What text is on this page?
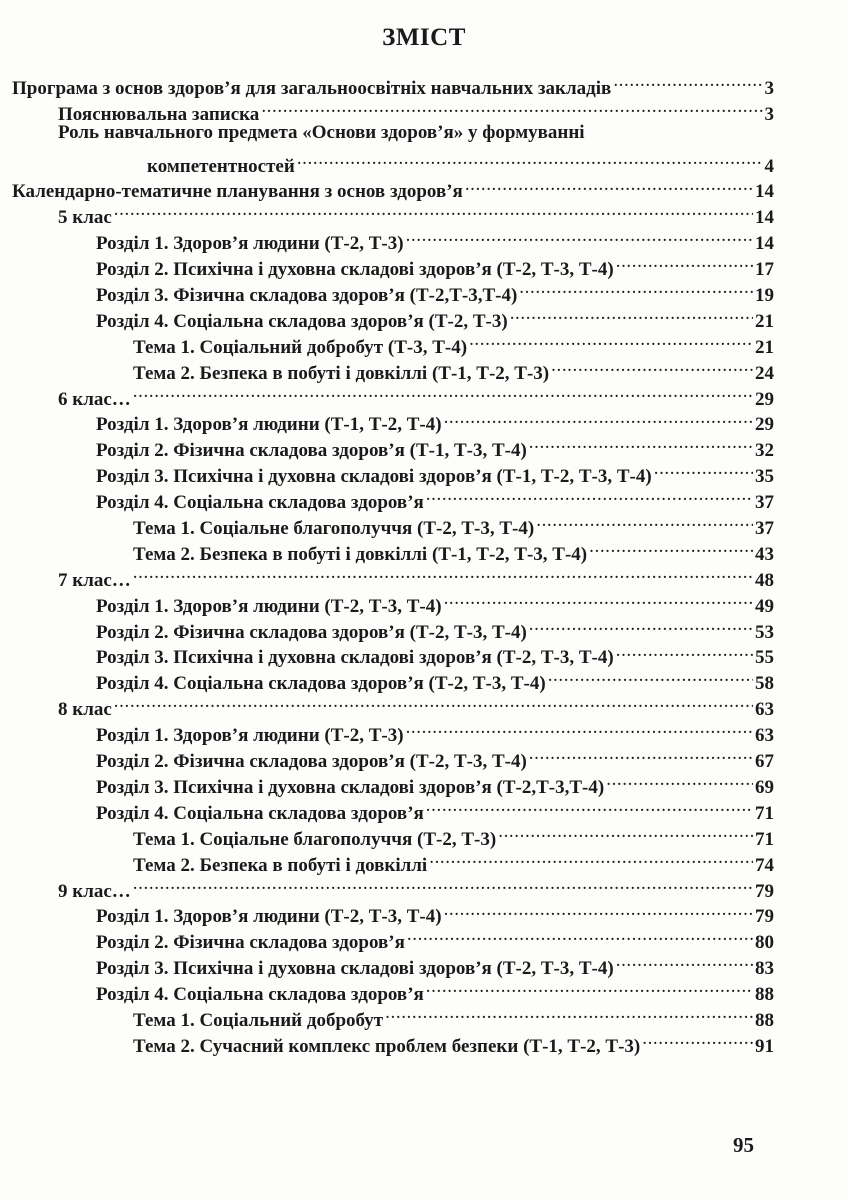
ЗМІСТ
Програма з основ здоров’я для загальноосвітніх навчальних закладів .....	3
Пояснювальна записка .....	3
Роль навчального предмета «Основи здоров’я» у формуванні
компетентностей .....	4
Календарно-тематичне планування з основ здоров’я .....	14
5 клас .....	14
Розділ 1. Здоров’я людини (Т-2, Т-3) .....	14
Розділ 2. Психічна і духовна складові здоров’я (Т-2, Т-3, Т-4) .....	17
Розділ 3. Фізична складова здоров’я (Т-2,Т-3,Т-4) .....	19
Розділ 4. Соціальна складова здоров’я (Т-2, Т-3) .....	21
Тема 1. Соціальний добробут (Т-3, Т-4) .....	21
Тема 2. Безпека в побуті і довкіллі (Т-1, Т-2, Т-3) .....	24
6 клас… .....	29
Розділ 1. Здоров’я людини (Т-1, Т-2, Т-4) .....	29
Розділ 2. Фізична складова здоров’я (Т-1, Т-3, Т-4) .....	32
Розділ 3. Психічна і духовна складові здоров’я (Т-1, Т-2, Т-3, Т-4) .....	35
Розділ 4. Соціальна складова здоров’я .....	37
Тема 1. Соціальне благополуччя (Т-2, Т-3, Т-4) .....	37
Тема 2. Безпека в побуті і довкіллі (Т-1, Т-2, Т-3, Т-4) .....	43
7 клас… .....	48
Розділ 1. Здоров’я людини (Т-2, Т-3, Т-4) .....	49
Розділ 2. Фізична складова здоров’я (Т-2, Т-3, Т-4) .....	53
Розділ 3. Психічна і духовна складові здоров’я (Т-2, Т-3, Т-4) .....	55
Розділ 4. Соціальна складова здоров’я (Т-2, Т-3, Т-4) .....	58
8 клас .....	63
Розділ 1. Здоров’я людини (Т-2, Т-3) .....	63
Розділ 2. Фізична складова здоров’я (Т-2, Т-3, Т-4) .....	67
Розділ 3. Психічна і духовна складові здоров’я (Т-2,Т-3,Т-4) .....	69
Розділ 4. Соціальна складова здоров’я .....	71
Тема 1. Соціальне благополуччя (Т-2, Т-3) .....	71
Тема 2. Безпека в побуті і довкіллі .....	74
9 клас… .....	79
Розділ 1. Здоров’я людини (Т-2, Т-3, Т-4) .....	79
Розділ 2. Фізична складова здоров’я .....	80
Розділ 3. Психічна і духовна складові здоров’я (Т-2, Т-3, Т-4) .....	83
Розділ 4. Соціальна складова здоров’я .....	88
Тема 1. Соціальний добробут .....	88
Тема 2. Сучасний комплекс проблем безпеки (Т-1, Т-2, Т-3) .....	91
95
